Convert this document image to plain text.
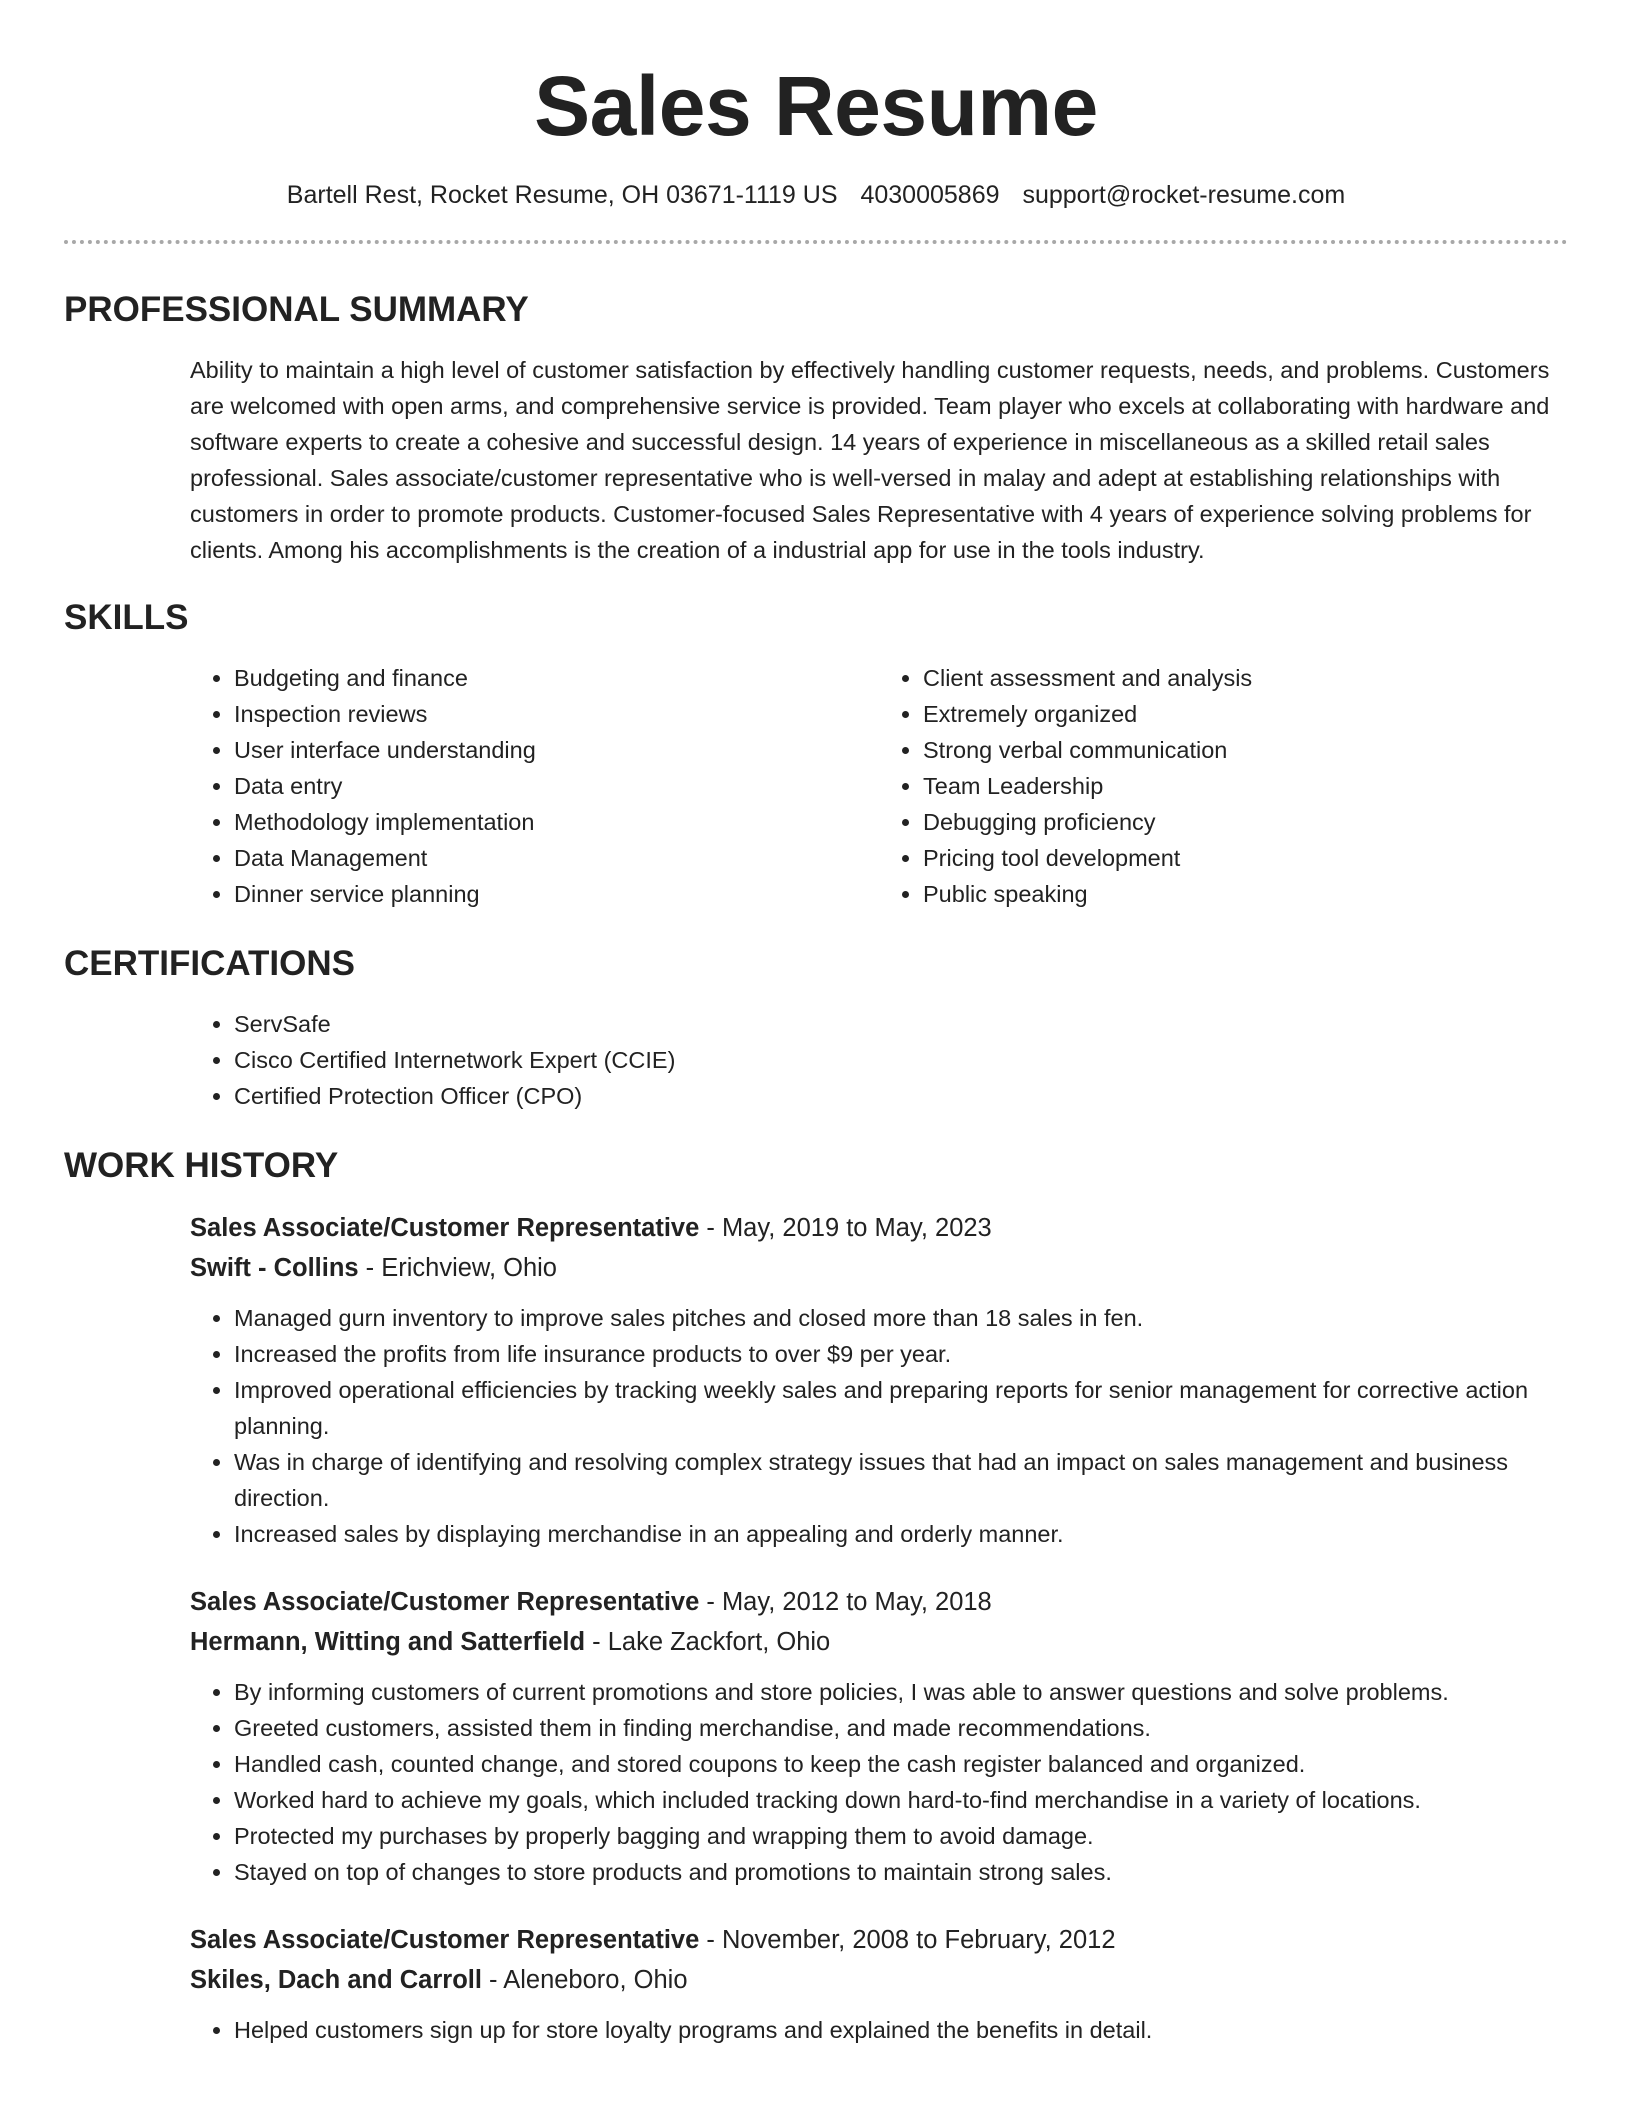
Sales Resume
Bartell Rest, Rocket Resume, OH 03671-1119 US 4030005869 support@rocket-resume.com
PROFESSIONAL SUMMARY
Ability to maintain a high level of customer satisfaction by effectively handling customer requests, needs, and problems. Customers are welcomed with open arms, and comprehensive service is provided. Team player who excels at collaborating with hardware and software experts to create a cohesive and successful design. 14 years of experience in miscellaneous as a skilled retail sales professional. Sales associate/customer representative who is well-versed in malay and adept at establishing relationships with customers in order to promote products. Customer-focused Sales Representative with 4 years of experience solving problems for clients. Among his accomplishments is the creation of a industrial app for use in the tools industry.
SKILLS
• Budgeting and finance
• Inspection reviews
• User interface understanding
• Data entry
• Methodology implementation
• Data Management
• Dinner service planning
• Client assessment and analysis
• Extremely organized
• Strong verbal communication
• Team Leadership
• Debugging proficiency
• Pricing tool development
• Public speaking
CERTIFICATIONS
• ServSafe
• Cisco Certified Internetwork Expert (CCIE)
• Certified Protection Officer (CPO)
WORK HISTORY
Sales Associate/Customer Representative - May, 2019 to May, 2023
Swift - Collins - Erichview, Ohio
• Managed gurn inventory to improve sales pitches and closed more than 18 sales in fen.
• Increased the profits from life insurance products to over $9 per year.
• Improved operational efficiencies by tracking weekly sales and preparing reports for senior management for corrective action planning.
• Was in charge of identifying and resolving complex strategy issues that had an impact on sales management and business direction.
• Increased sales by displaying merchandise in an appealing and orderly manner.
Sales Associate/Customer Representative - May, 2012 to May, 2018
Hermann, Witting and Satterfield - Lake Zackfort, Ohio
• By informing customers of current promotions and store policies, I was able to answer questions and solve problems.
• Greeted customers, assisted them in finding merchandise, and made recommendations.
• Handled cash, counted change, and stored coupons to keep the cash register balanced and organized.
• Worked hard to achieve my goals, which included tracking down hard-to-find merchandise in a variety of locations.
• Protected my purchases by properly bagging and wrapping them to avoid damage.
• Stayed on top of changes to store products and promotions to maintain strong sales.
Sales Associate/Customer Representative - November, 2008 to February, 2012
Skiles, Dach and Carroll - Aleneboro, Ohio
• Helped customers sign up for store loyalty programs and explained the benefits in detail.
